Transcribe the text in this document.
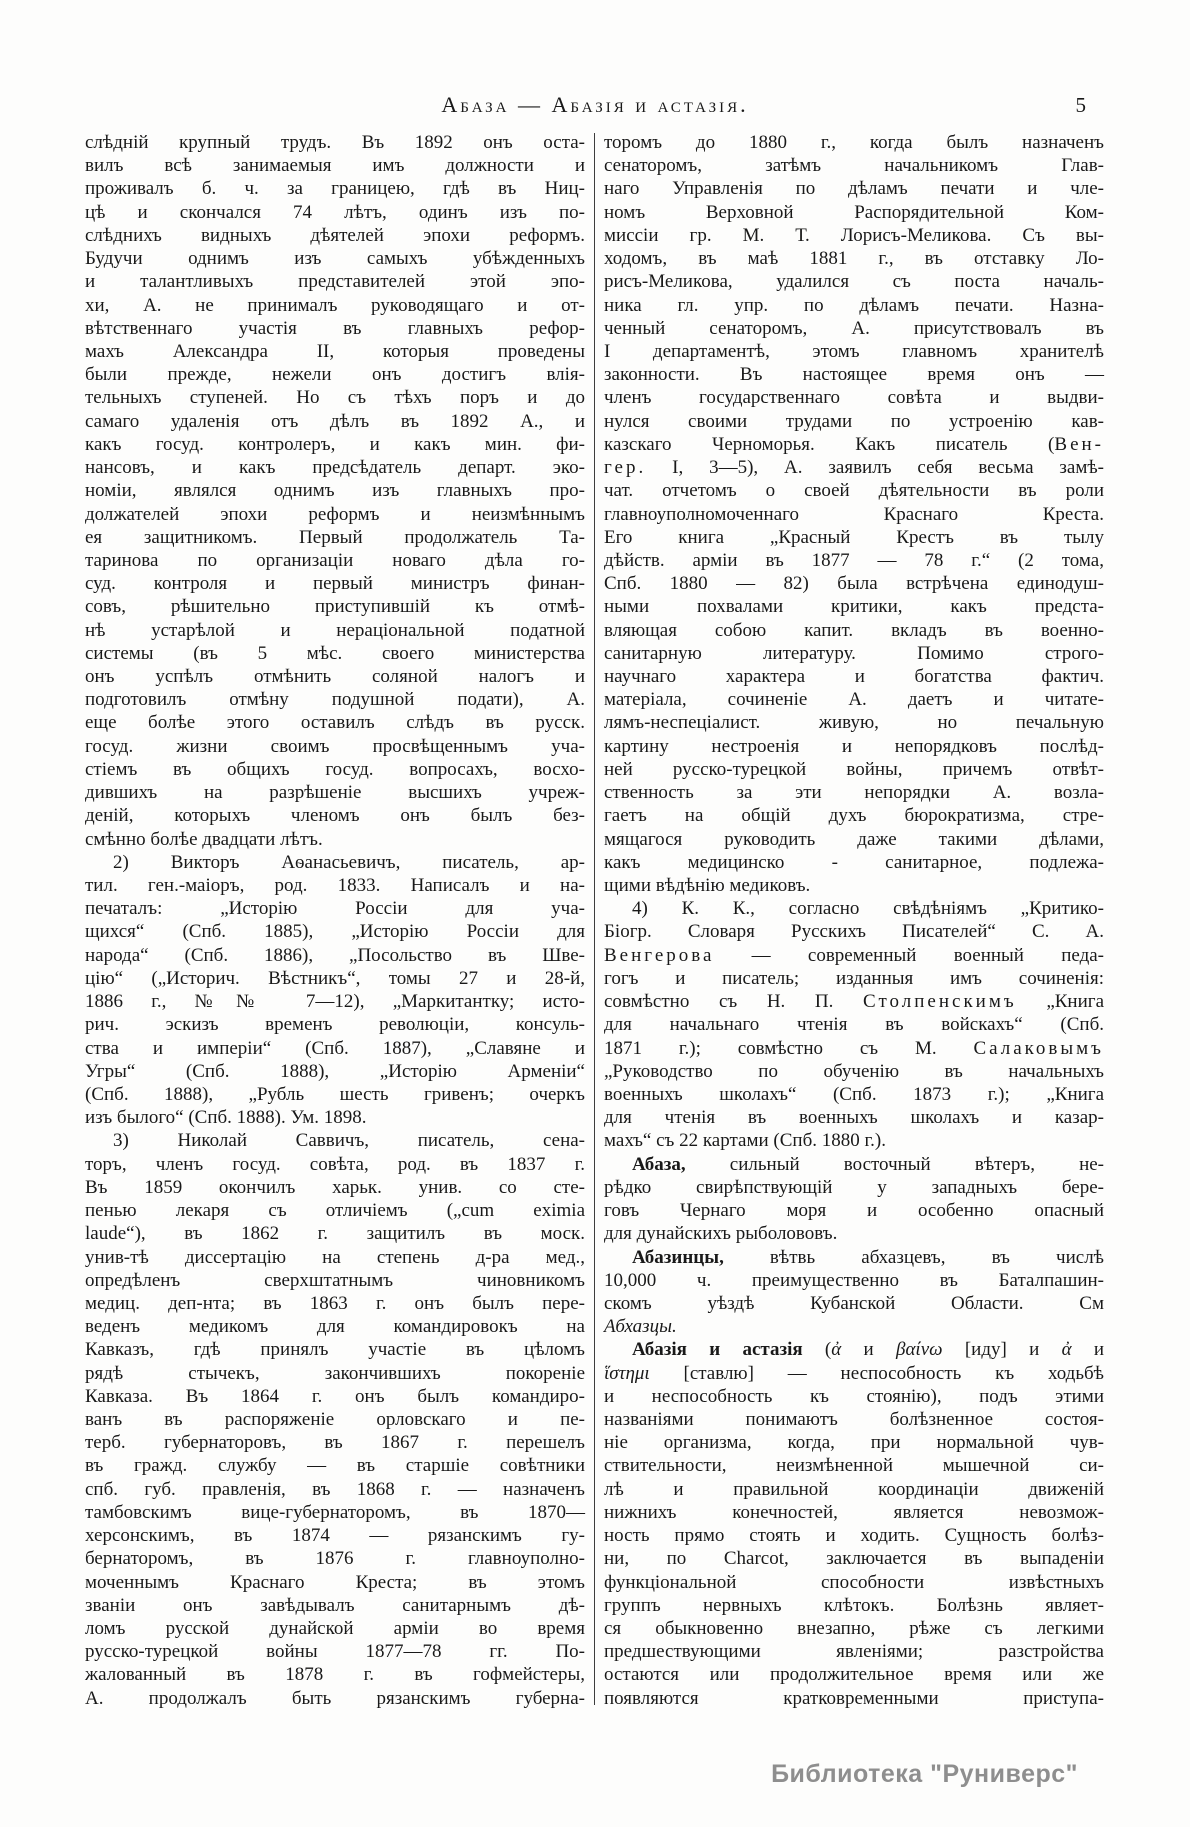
Абаза — Абазія и астазія.	5
слѣдній крупный трудъ. Въ 1892 онъ оста-
вилъ всѣ занимаемыя имъ должности и
проживалъ б. ч. за границею, гдѣ въ Ниц-
цѣ и скончался 74 лѣтъ, одинъ изъ по-
слѣднихъ видныхъ дѣятелей эпохи реформъ.
Будучи однимъ изъ самыхъ убѣжденныхъ
и талантливыхъ представителей этой эпо-
хи, А. не принималъ руководящаго и от-
вѣтственнаго участія въ главныхъ рефор-
махъ Александра II, которыя проведены
были прежде, нежели онъ достигъ влія-
тельныхъ ступеней. Но съ тѣхъ поръ и до
самаго удаленія отъ дѣлъ въ 1892 А., и
какъ госуд. контролеръ, и какъ мин. фи-
нансовъ, и какъ предсѣдатель департ. эко-
номіи, являлся однимъ изъ главныхъ про-
должателей эпохи реформъ и неизмѣннымъ
ея защитникомъ. Первый продолжатель Та-
таринова по организаціи новаго дѣла го-
суд. контроля и первый министръ финан-
совъ, рѣшительно приступившій къ отмѣ-
нѣ устарѣлой и нераціональной податной
системы (въ 5 мѣс. своего министерства
онъ успѣлъ отмѣнить соляной налогъ и
подготовилъ отмѣну подушной подати), А.
еще болѣе этого оставилъ слѣдъ въ русск.
госуд. жизни своимъ просвѣщеннымъ уча-
стіемъ въ общихъ госуд. вопросахъ, восхо-
дившихъ на разрѣшеніе высшихъ учреж-
деній, которыхъ членомъ онъ былъ без-
смѣнно болѣе двадцати лѣтъ.
2) Викторъ Аѳанасьевичъ, писатель, ар-
тил. ген.-маіоръ, род. 1833. Написалъ и на-
печаталъ: „Исторію Россіи для уча-
щихся“ (Спб. 1885), „Исторію Россіи для
народа“ (Спб. 1886), „Посольство въ Шве-
цію“ („Историч. Вѣстникъ“, томы 27 и 28-й,
1886 г., №№ 7—12), „Маркитантку; исто-
рич. эскизъ временъ революціи, консуль-
ства и имперіи“ (Спб. 1887), „Славяне и
Угры“ (Спб. 1888), „Исторію Арменіи“
(Спб. 1888), „Рубль шесть гривенъ; очеркъ
изъ былого“ (Спб. 1888). Ум. 1898.
3) Николай Саввичъ, писатель, сена-
торъ, членъ госуд. совѣта, род. въ 1837 г.
Въ 1859 окончилъ харьк. унив. со сте-
пенью лекаря съ отличіемъ („cum eximia
laude“), въ 1862 г. защитилъ въ моск.
унив-тѣ диссертацію на степень д-ра мед.,
опредѣленъ сверхштатнымъ чиновникомъ
медиц. деп-нта; въ 1863 г. онъ былъ пере-
веденъ медикомъ для командировокъ на
Кавказъ, гдѣ принялъ участіе въ цѣломъ
рядѣ стычекъ, закончившихъ покореніе
Кавказа. Въ 1864 г. онъ былъ командиро-
ванъ въ распоряженіе орловскаго и пе-
терб. губернаторовъ, въ 1867 г. перешелъ
въ гражд. службу — въ старшіе совѣтники
спб. губ. правленія, въ 1868 г. — назначенъ
тамбовскимъ вице-губернаторомъ, въ 1870—
херсонскимъ, въ 1874 — рязанскимъ гу-
бернаторомъ, въ 1876 г. главноуполно-
моченнымъ Краснаго Креста; въ этомъ
званіи онъ завѣдывалъ санитарнымъ дѣ-
ломъ русской дунайской арміи во время
русско-турецкой войны 1877—78 гг. По-
жалованный въ 1878 г. въ гофмейстеры,
А. продолжалъ быть рязанскимъ губерна-
торомъ до 1880 г., когда былъ назначенъ
сенаторомъ, затѣмъ начальникомъ Глав-
наго Управленія по дѣламъ печати и чле-
номъ Верховной Распорядительной Ком-
миссіи гр. М. Т. Лорисъ-Меликова. Съ вы-
ходомъ, въ маѣ 1881 г., въ отставку Ло-
рисъ-Меликова, удалился съ поста началь-
ника гл. упр. по дѣламъ печати. Назна-
ченный сенаторомъ, А. присутствовалъ въ
I департаментѣ, этомъ главномъ хранителѣ
законности. Въ настоящее время онъ —
членъ государственнаго совѣта и выдви-
нулся своими трудами по устроенію кав-
казскаго Черноморья. Какъ писатель (Вен-
гер. I, 3—5), А. заявилъ себя весьма замѣ-
чат. отчетомъ о своей дѣятельности въ роли
главноуполномоченнаго Краснаго Креста.
Его книга „Красный Крестъ въ тылу
дѣйств. арміи въ 1877 — 78 г.“ (2 тома,
Спб. 1880 — 82) была встрѣчена единодуш-
ными похвалами критики, какъ предста-
вляющая собою капит. вкладъ въ военно-
санитарную литературу. Помимо строго-
научнаго характера и богатства фактич.
матеріала, сочиненіе А. даетъ и читате-
лямъ-неспеціалист. живую, но печальную
картину нестроенія и непорядковъ послѣд-
ней русско-турецкой войны, причемъ отвѣт-
ственность за эти непорядки А. возла-
гаетъ на общій духъ бюрократизма, стре-
мящагося руководить даже такими дѣлами,
какъ медицинско - санитарное, подлежа-
щими вѣдѣнію медиковъ.
4) К. К., согласно свѣдѣніямъ „Критико-
Біогр. Словаря Русскихъ Писателей“ С. А.
Венгерова — современный военный педа-
гогъ и писатель; изданныя имъ сочиненія:
совмѣстно съ Н. П. Столпенскимъ „Книга
для начальнаго чтенія въ войскахъ“ (Спб.
1871 г.); совмѣстно съ М. Салаковымъ
„Руководство по обученію въ начальныхъ
военныхъ школахъ“ (Спб. 1873 г.); „Книга
для чтенія въ военныхъ школахъ и казар-
махъ“ съ 22 картами (Спб. 1880 г.).
Абаза, сильный восточный вѣтеръ, не-
рѣдко свирѣпствующій у западныхъ бере-
говъ Чернаго моря и особенно опасный
для дунайскихъ рыболововъ.
Абазинцы, вѣтвь абхазцевъ, въ числѣ
10,000 ч. преимущественно въ Баталпашин-
скомъ уѣздѣ Кубанской Области. См
Абхазцы.
Абазія и астазія (ἀ и βαίνω [иду] и ἀ и
ἵστημι [ставлю] — неспособность къ ходьбѣ
и неспособность къ стоянію), подъ этими
названіями понимаютъ болѣзненное состоя-
ніе организма, когда, при нормальной чув-
ствительности, неизмѣненной мышечной си-
лѣ и правильной координаціи движеній
нижнихъ конечностей, является невозмож-
ность прямо стоять и ходить. Сущность болѣз-
ни, по Charcot, заключается въ выпаденіи
функціональной способности извѣстныхъ
группъ нервныхъ клѣтокъ. Болѣзнь являет-
ся обыкновенно внезапно, рѣже съ легкими
предшествующими явленіями; разстройства
остаются или продолжительное время или же
появляются кратковременными приступа-
Библиотека "Руниверс"
